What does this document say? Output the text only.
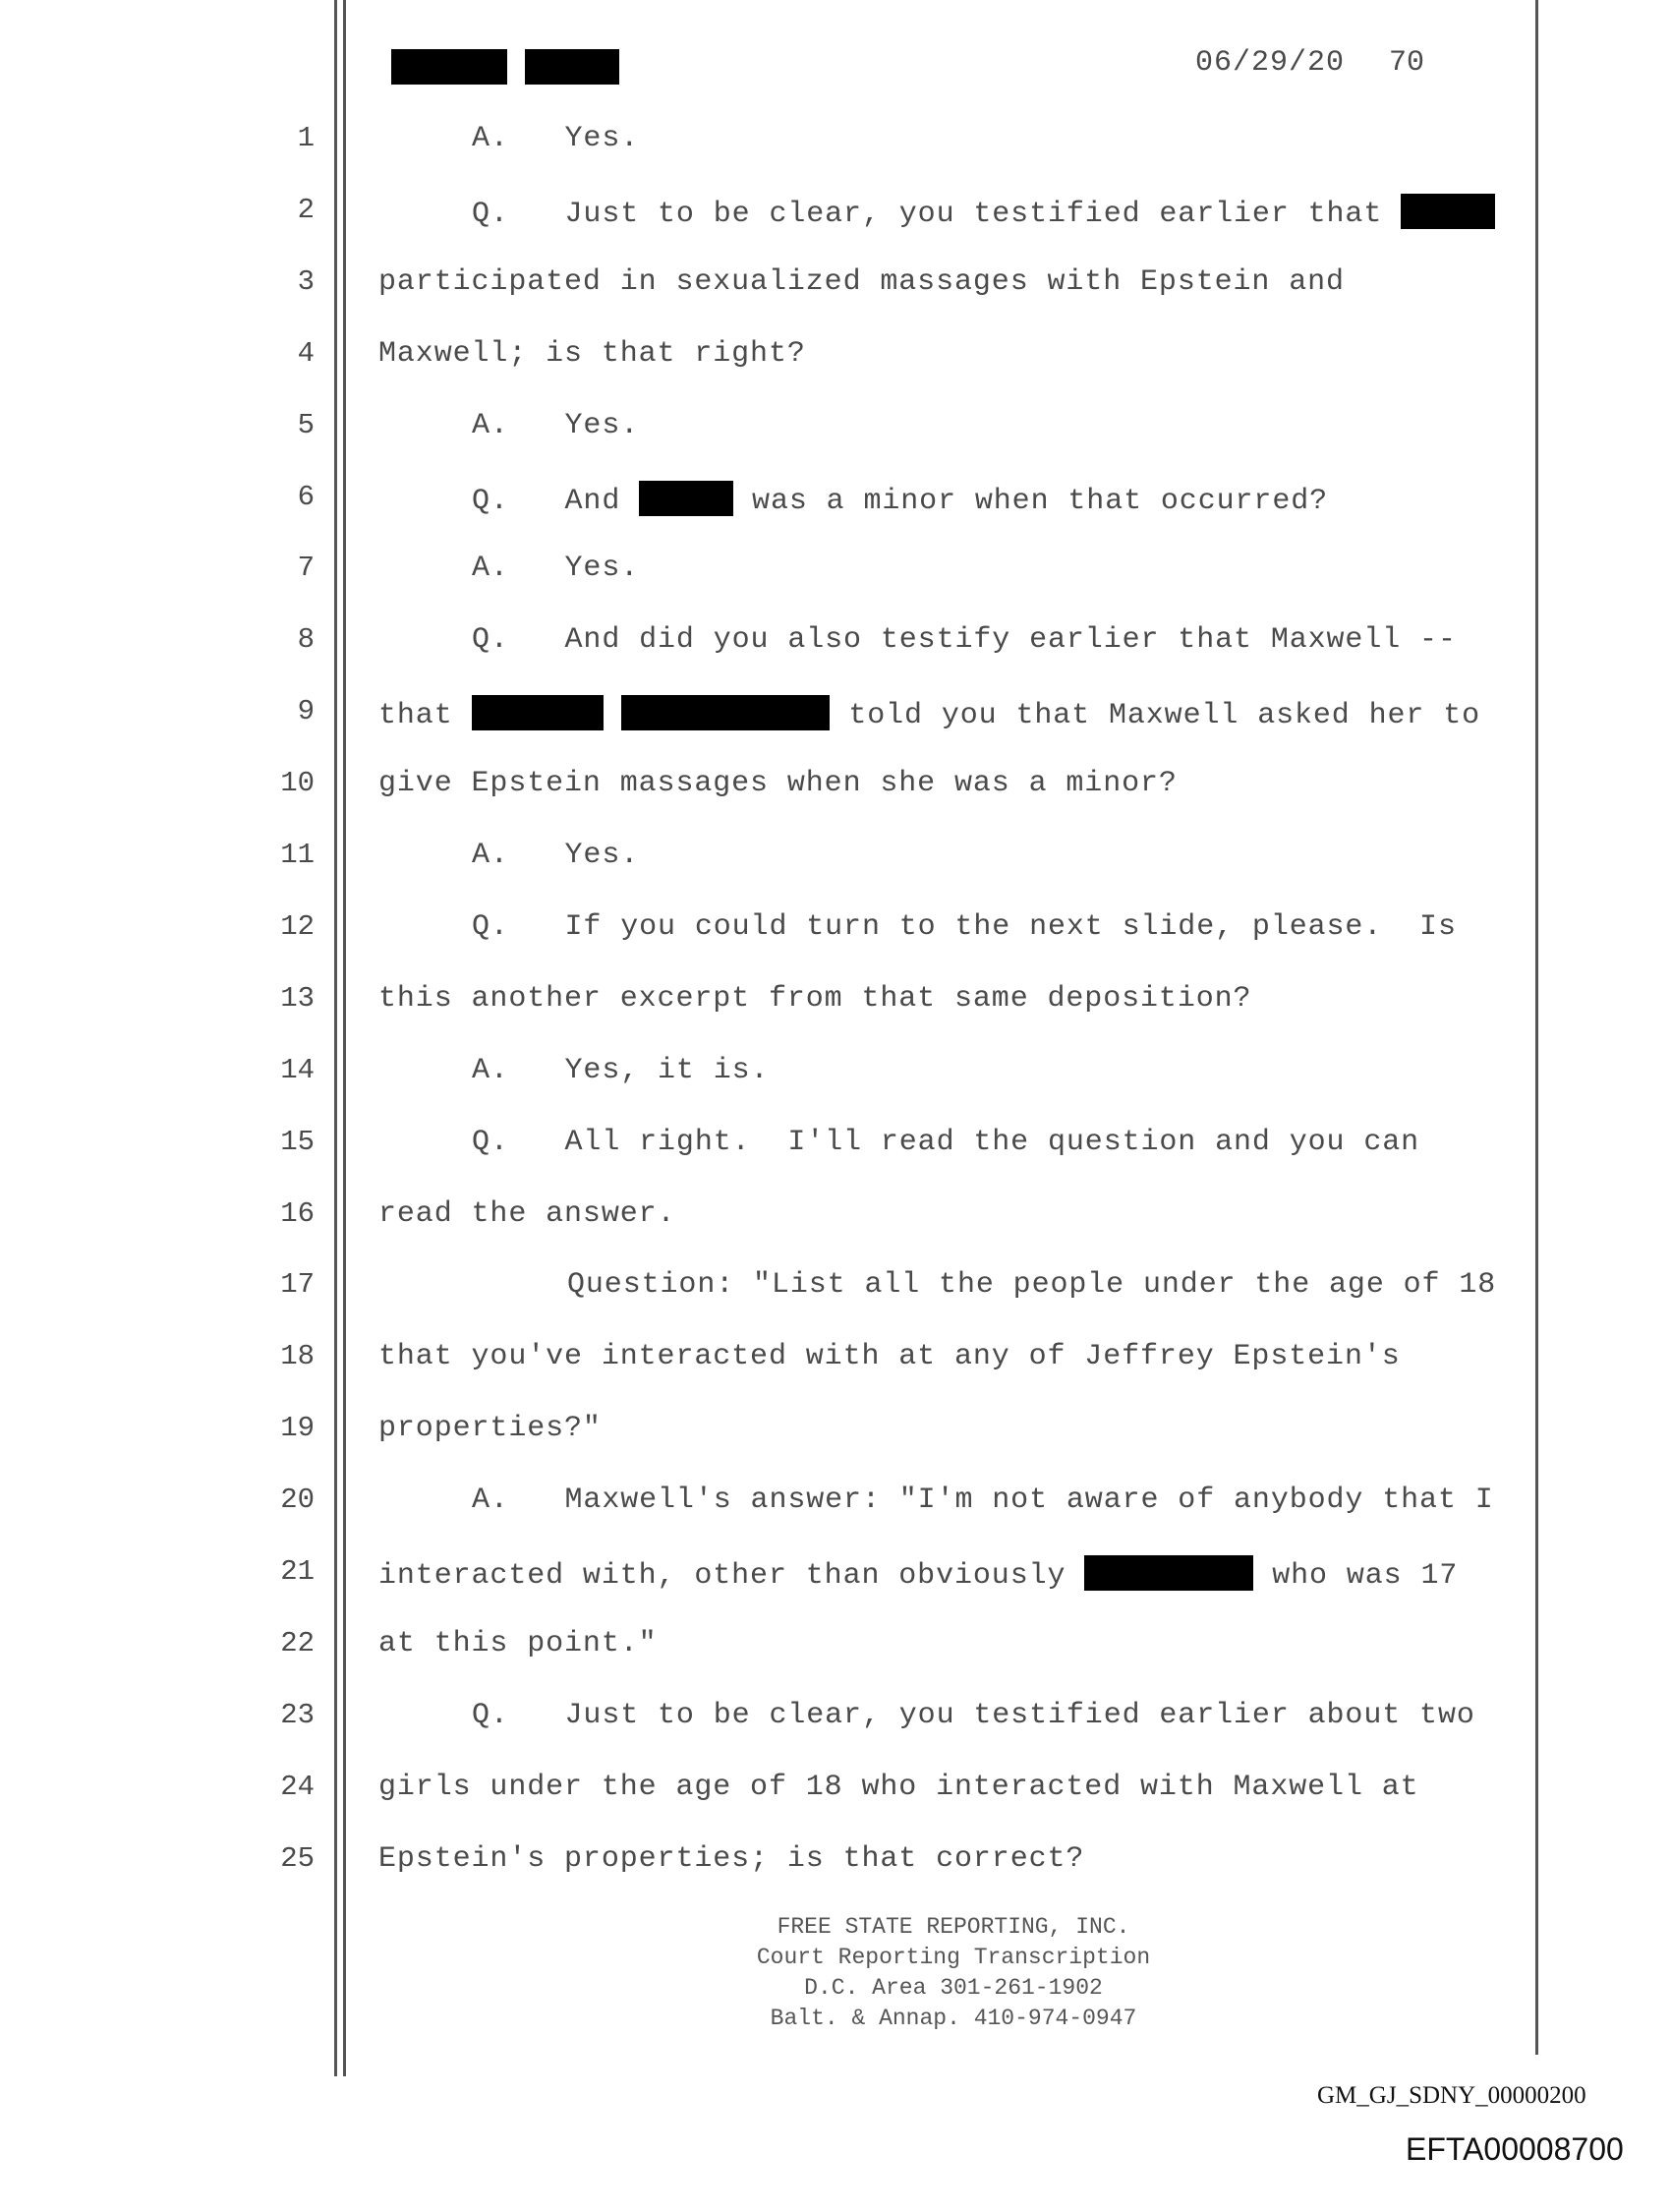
06/29/20 70
1	A.   Yes.
2	Q.   Just to be clear, you testified earlier that
3 participated in sexualized massages with Epstein and
4 Maxwell; is that right?
5	A.   Yes.
6	Q.   And	was a minor when that occurred?
7	A.   Yes.
8	Q.   And did you also testify earlier that Maxwell --
9 that	told you that Maxwell asked her to
10 give Epstein massages when she was a minor?
11	A.   Yes.
12	Q.   If you could turn to the next slide, please.  Is
13 this another excerpt from that same deposition?
14	A.   Yes, it is.
15	Q.   All right.  I'll read the question and you can
16 read the answer.
17	Question: "List all the people under the age of 18
18 that you've interacted with at any of Jeffrey Epstein's
19 properties?"
20	A.   Maxwell's answer: "I'm not aware of anybody that I
21 interacted with, other than obviously	who was 17
22 at this point."
23	Q.   Just to be clear, you testified earlier about two
24 girls under the age of 18 who interacted with Maxwell at
25 Epstein's properties; is that correct?
FREE STATE REPORTING, INC.
Court Reporting Transcription
D.C. Area 301-261-1902
Balt. & Annap. 410-974-0947
GM_GJ_SDNY_00000200
EFTA00008700
